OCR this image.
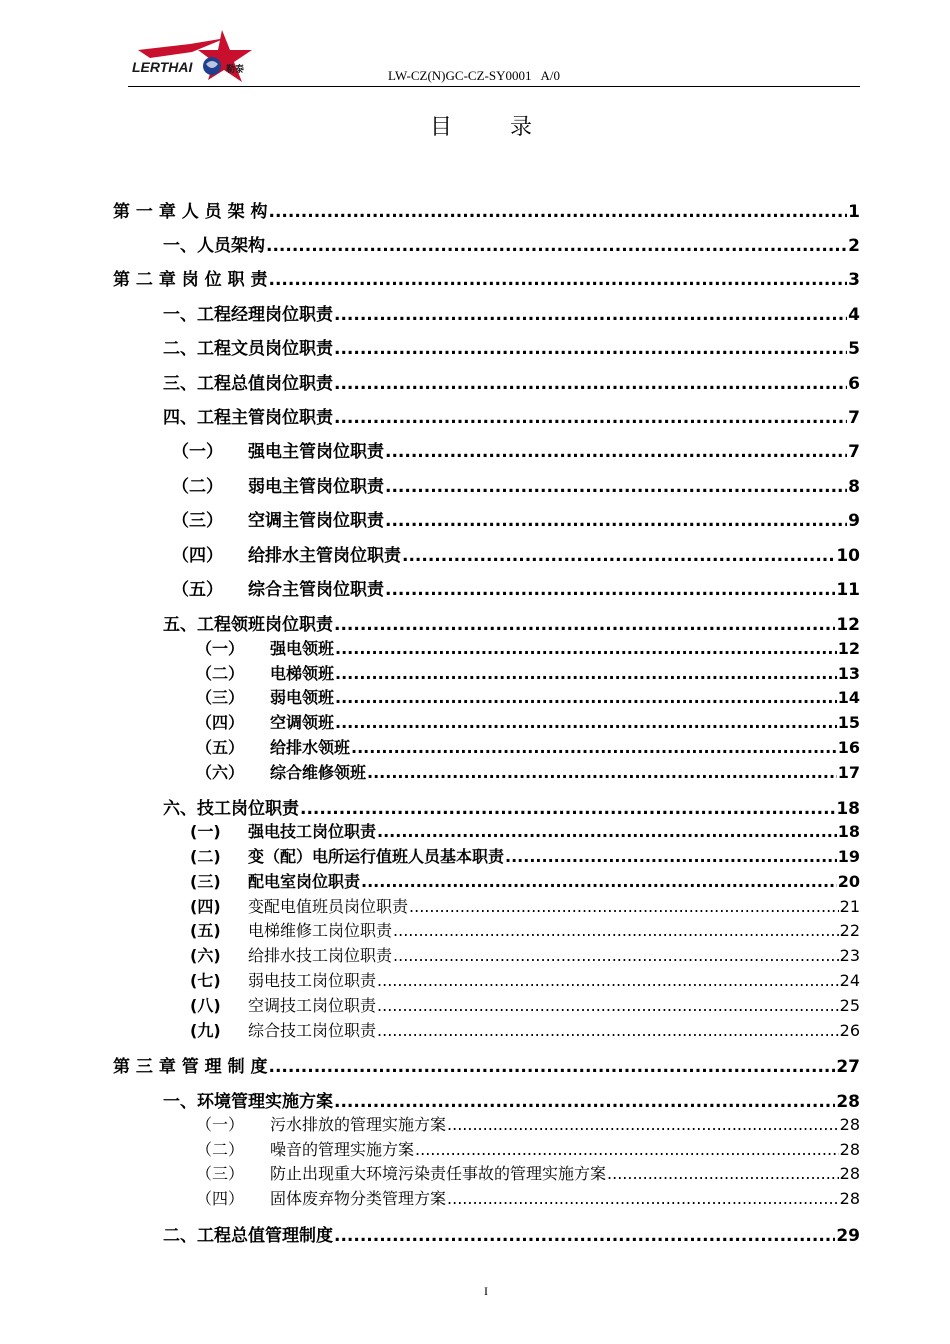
LERTHAI	勒泰	LW-CZ(N)GC-CZ-SY0001   A/0
目录
第 一 章 人 员 架 构 .....	1
一、人员架构 .....	2
第 二 章 岗 位 职 责 .....	3
一、工程经理岗位职责 .....	4
二、工程文员岗位职责 .....	5
三、工程总值岗位职责 .....	6
四、工程主管岗位职责 .....	7
（一）	强电主管岗位职责 .....	7
（二）	弱电主管岗位职责 .....	8
（三）	空调主管岗位职责 .....	9
（四）	给排水主管岗位职责 .....	10
（五）	综合主管岗位职责 .....	11
五、工程领班岗位职责 .....	12
（一）	强电领班 .....	12
（二）	电梯领班 .....	13
（三）	弱电领班 .....	14
（四）	空调领班 .....	15
（五）	给排水领班 .....	16
（六）	综合维修领班 .....	17
六、技工岗位职责 .....	18
(一)	强电技工岗位职责 .....	18
(二)	变（配）电所运行值班人员基本职责 .....	19
(三)	配电室岗位职责 .....	20
(四)	变配电值班员岗位职责 .....	21
(五)	电梯维修工岗位职责 .....	22
(六)	给排水技工岗位职责 .....	23
(七)	弱电技工岗位职责 .....	24
(八)	空调技工岗位职责 .....	25
(九)	综合技工岗位职责 .....	26
第 三 章 管 理 制 度 .....	27
一、环境管理实施方案 .....	28
（一）	污水排放的管理实施方案 .....	28
（二）	噪音的管理实施方案 .....	28
（三）	防止出现重大环境污染责任事故的管理实施方案 .....	28
（四）	固体废弃物分类管理方案 .....	28
二、工程总值管理制度 .....	29
I
